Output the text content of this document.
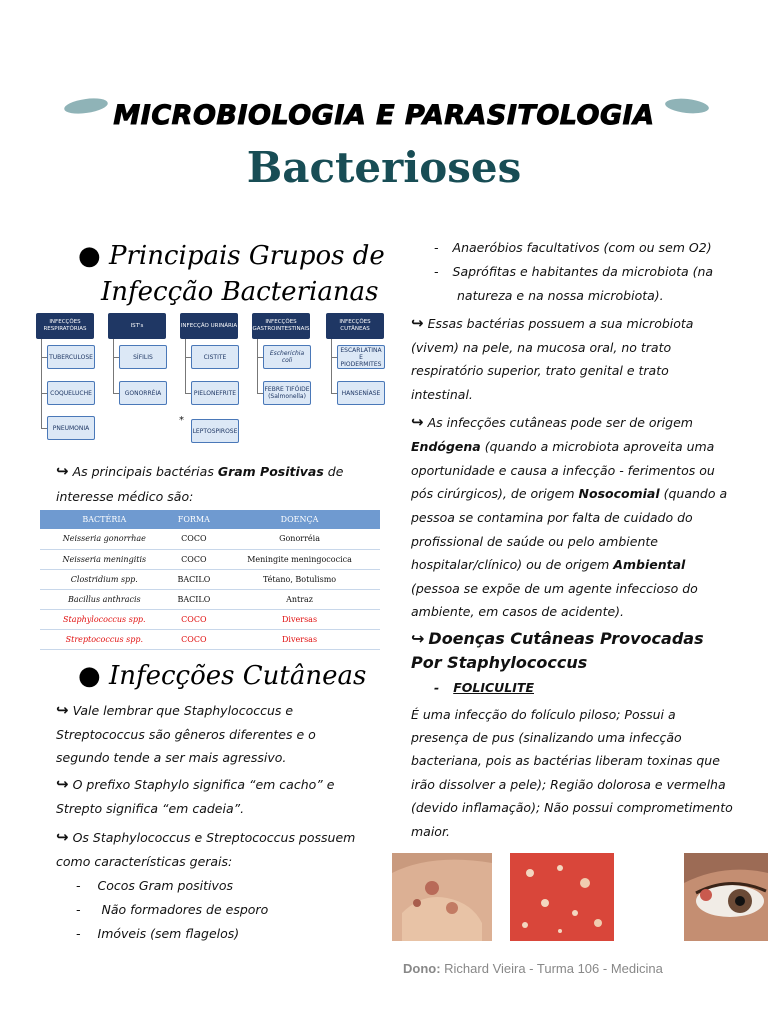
MICROBIOLOGIA E PARASITOLOGIA
Bacterioses
● Principais Grupos de
Infecção Bacterianas
INFECÇÕES RESPIRATÓRIAS
TUBERCULOSE
COQUELUCHE
PNEUMONIA
IST's
SÍFILIS
GONORRÉIA
INFECÇÃO URINÁRIA
CISTITE
PIELONEFRITE
*
LEPTOSPIROSE
INFECÇÕES GASTROINTESTINAIS
Escherichia coli
FEBRE TIFÓIDE (Salmonella)
INFECÇÕES CUTÂNEAS
ESCARLATINA E PIODERMITES
HANSENÍASE
↪ As principais bactérias Gram Positivas de
interesse médico são:
BACTÉRIA	FORMA	DOENÇA
Neisseria gonorrhae	COCO	Gonorréia
Neisseria meningitis	COCO	Meningite meningococica
Clostridium spp.	BACILO	Tétano, Botulismo
Bacillus anthracis	BACILO	Antraz
Staphylococcus spp.	COCO	Diversas
Streptococcus spp.	COCO	Diversas
● Infecções Cutâneas
↪ Vale lembrar que Staphylococcus e
Streptococcus são gêneros diferentes e o
segundo tende a ser mais agressivo.
↪ O prefixo Staphylo significa “em cacho” e
Strepto significa “em cadeia”.
↪ Os Staphylococcus e Streptococcus possuem
como características gerais:
- Cocos Gram positivos
- Não formadores de esporo
- Imóveis (sem flagelos)
- Anaeróbios facultativos (com ou sem O2)
- Saprófitas e habitantes da microbiota (na
natureza e na nossa microbiota).
↪ Essas bactérias possuem a sua microbiota
(vivem) na pele, na mucosa oral, no trato
respiratório superior, trato genital e trato
intestinal.
↪ As infecções cutâneas pode ser de origem
Endógena (quando a microbiota aproveita uma
oportunidade e causa a infecção - ferimentos ou
pós cirúrgicos), de origem Nosocomial (quando a
pessoa se contamina por falta de cuidado do
profissional de saúde ou pelo ambiente
hospitalar/clínico) ou de origem Ambiental
(pessoa se expõe de um agente infeccioso do
ambiente, em casos de acidente).
↪ Doenças Cutâneas Provocadas
Por Staphylococcus
- FOLICULITE
É uma infecção do folículo piloso; Possui a
presença de pus (sinalizando uma infecção
bacteriana, pois as bactérias liberam toxinas que
irão dissolver a pele); Região dolorosa e vermelha
(devido inflamação); Não possui comprometimento
maior.
Dono: Richard Vieira - Turma 106 - Medicina
